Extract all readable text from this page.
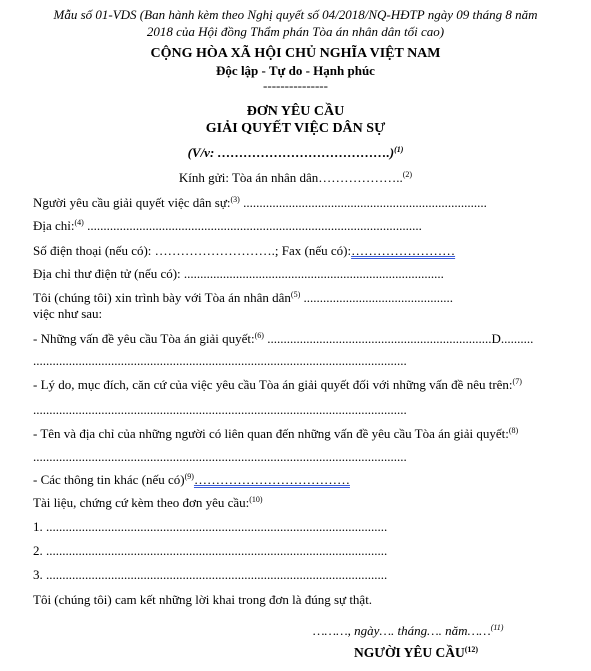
Mẫu số 01-VDS (Ban hành kèm theo Nghị quyết số 04/2018/NQ-HĐTP ngày 09 tháng 8 năm
2018 của Hội đồng Thẩm phán Tòa án nhân dân tối cao)
CỘNG HÒA XÃ HỘI CHỦ NGHĨA VIỆT NAM
Độc lập - Tự do - Hạnh phúc
---------------
ĐƠN YÊU CẦU
GIẢI QUYẾT VIỆC DÂN SỰ
(V/v: ………………………………….)$^{(1)}$
Kính gửi: Tòa án nhân dân………………..$^{(2)}$
Người yêu cầu giải quyết việc dân sự:$^{(3)}$ ...........................................................................
Địa chỉ:$^{(4)}$ .......................................................................................................
Số điện thoại (nếu có): ……………………….; Fax (nếu có):……………………
Địa chỉ thư điện tử (nếu có): ................................................................................
Tôi (chúng tôi) xin trình bày với Tòa án nhân dân$^{(5)}$ ..............................................
việc như sau:
- Những vấn đề yêu cầu Tòa án giải quyết:$^{(6)}$ .....................................................................D..........
...................................................................................................................
- Lý do, mục đích, căn cứ của việc yêu cầu Tòa án giải quyết đối với những vấn đề nêu trên:$^{(7)}$
...................................................................................................................
- Tên và địa chỉ của những người có liên quan đến những vấn đề yêu cầu Tòa án giải quyết:$^{(8)}$
...................................................................................................................
- Các thông tin khác (nếu có)$^{(9)}$………………………………
Tài liệu, chứng cứ kèm theo đơn yêu cầu:$^{(10)}$
1. .........................................................................................................
2. .........................................................................................................
3. .........................................................................................................
Tôi (chúng tôi) cam kết những lời khai trong đơn là đúng sự thật.
………, ngày…. tháng…. năm……$^{(11)}$
NGƯỜI YÊU CẦU$^{(12)}$
